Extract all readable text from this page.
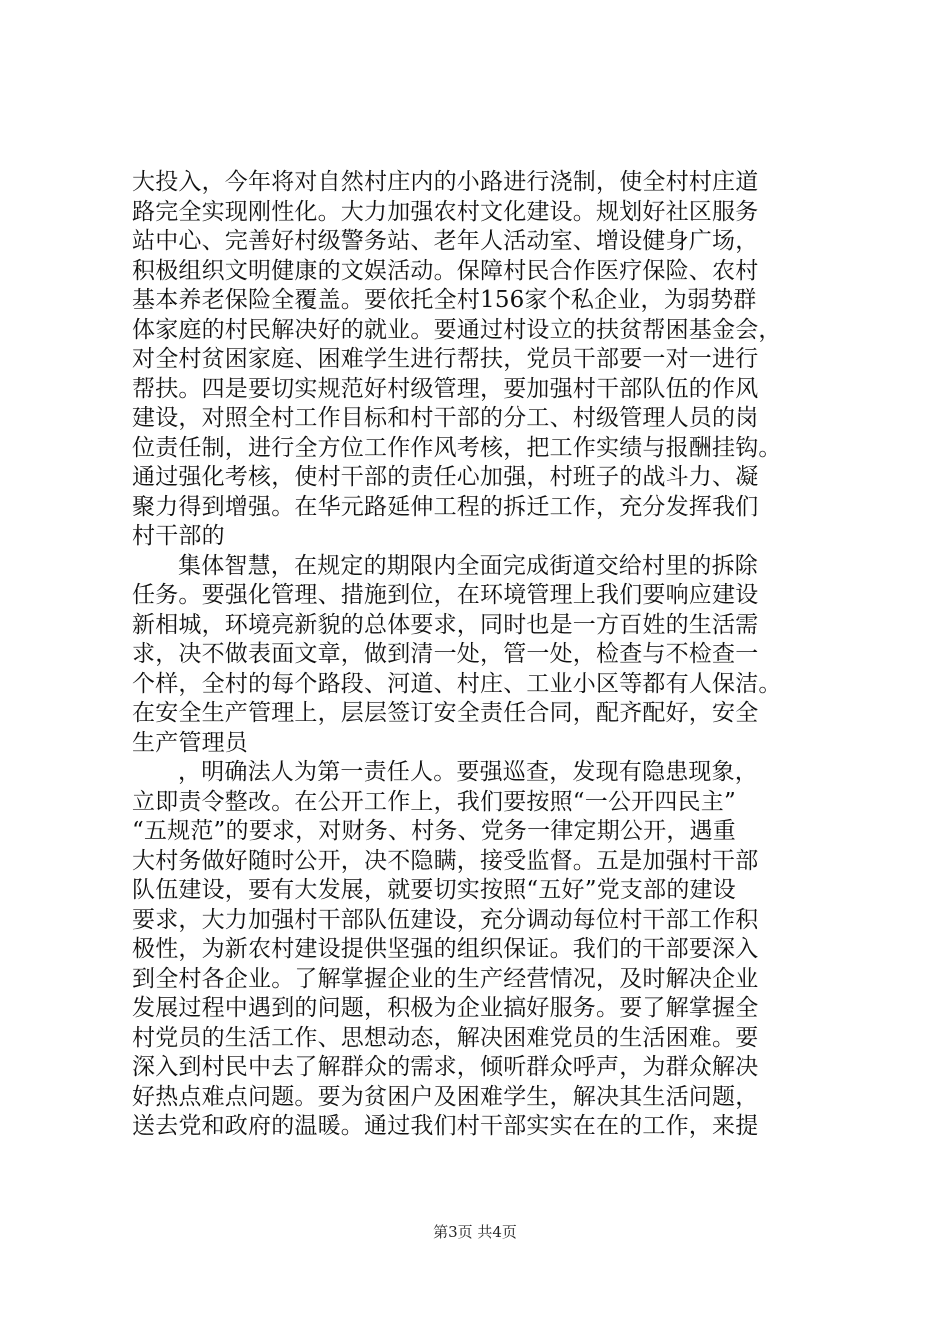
大投入，今年将对自然村庄内的小路进行浇制，使全村村庄道
路完全实现刚性化。大力加强农村文化建设。规划好社区服务
站中心、完善好村级警务站、老年人活动室、增设健身广场，
积极组织文明健康的文娱活动。保障村民合作医疗保险、农村
基本养老保险全覆盖。要依托全村156家个私企业，为弱势群
体家庭的村民解决好的就业。要通过村设立的扶贫帮困基金会，
对全村贫困家庭、困难学生进行帮扶，党员干部要一对一进行
帮扶。四是要切实规范好村级管理，要加强村干部队伍的作风
建设，对照全村工作目标和村干部的分工、村级管理人员的岗
位责任制，进行全方位工作作风考核，把工作实绩与报酬挂钩。
通过强化考核，使村干部的责任心加强，村班子的战斗力、凝
聚力得到增强。在华元路延伸工程的拆迁工作，充分发挥我们
村干部的
集体智慧，在规定的期限内全面完成街道交给村里的拆除
任务。要强化管理、措施到位，在环境管理上我们要响应建设
新相城，环境亮新貌的总体要求，同时也是一方百姓的生活需
求，决不做表面文章，做到清一处，管一处，检查与不检查一
个样，全村的每个路段、河道、村庄、工业小区等都有人保洁。
在安全生产管理上，层层签订安全责任合同，配齐配好，安全
生产管理员
，明确法人为第一责任人。要强巡查，发现有隐患现象，
立即责令整改。在公开工作上，我们要按照“一公开四民主”
“五规范”的要求，对财务、村务、党务一律定期公开，遇重
大村务做好随时公开，决不隐瞒，接受监督。五是加强村干部
队伍建设，要有大发展，就要切实按照“五好”党支部的建设
要求，大力加强村干部队伍建设，充分调动每位村干部工作积
极性，为新农村建设提供坚强的组织保证。我们的干部要深入
到全村各企业。了解掌握企业的生产经营情况，及时解决企业
发展过程中遇到的问题，积极为企业搞好服务。要了解掌握全
村党员的生活工作、思想动态，解决困难党员的生活困难。要
深入到村民中去了解群众的需求，倾听群众呼声，为群众解决
好热点难点问题。要为贫困户及困难学生，解决其生活问题，
送去党和政府的温暖。通过我们村干部实实在在的工作，来提
第3页 共4页
